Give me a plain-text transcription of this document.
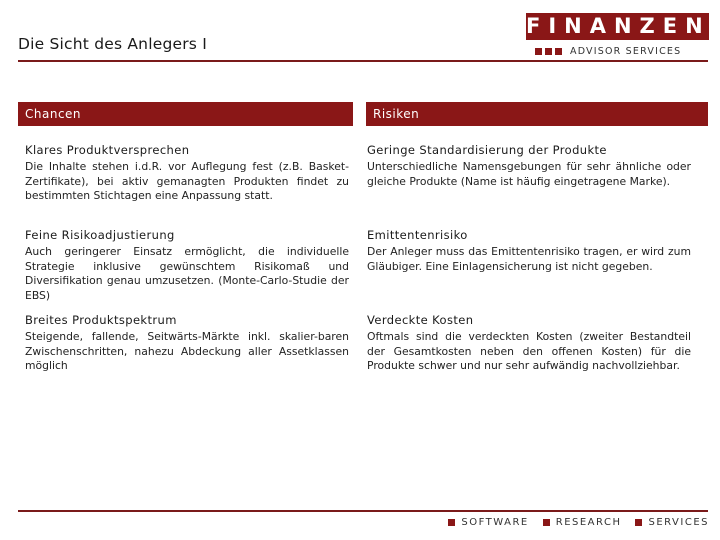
Die Sicht des Anlegers I
FINANZEN
ADVISOR SERVICES
Chancen	Risiken
Klares Produktversprechen

Die Inhalte stehen i.d.R. vor Auflegung fest (z.B. Basket-Zertifikate), bei aktiv gemanagten Produkten findet zu bestimmten Stichtagen eine Anpassung statt.

Feine Risikoadjustierung

Auch geringerer Einsatz ermöglicht, die individuelle Strategie inklusive gewünschtem Risikomaß und Diversifikation genau umzusetzen. (Monte-Carlo-Studie der EBS)

Breites Produktspektrum

Steigende, fallende, Seitwärts-Märkte inkl. skalier-baren Zwischenschritten, nahezu Abdeckung aller Assetklassen möglich

Geringe Standardisierung der Produkte

Unterschiedliche Namensgebungen für sehr ähnliche oder gleiche Produkte (Name ist häufig eingetragene Marke).

Emittentenrisiko

Der Anleger muss das Emittentenrisiko tragen, er wird zum Gläubiger. Eine Einlagensicherung ist nicht gegeben.

Verdeckte Kosten

Oftmals sind die verdeckten Kosten (zweiter Bestandteil der Gesamtkosten neben den offenen Kosten) für die Produkte schwer und nur sehr aufwändig nachvollziehbar.

SOFTWARE	RESEARCH	SERVICES
